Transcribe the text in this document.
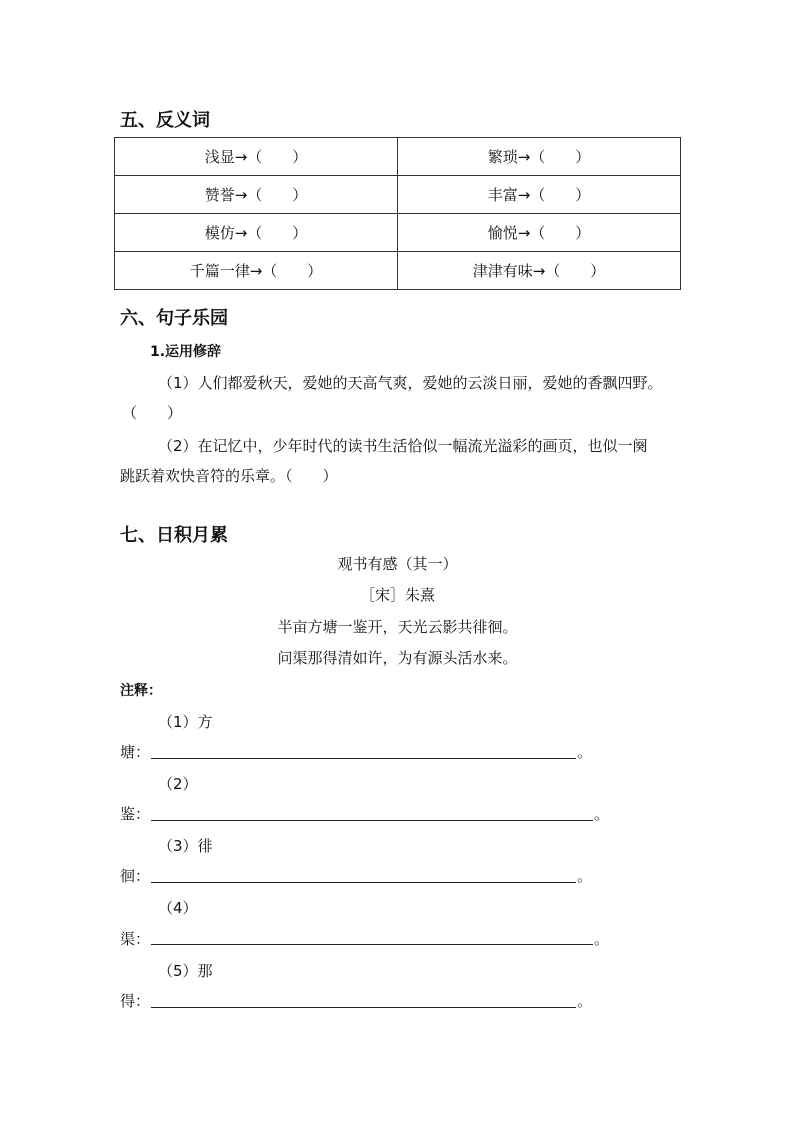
五、反义词
浅显→（　　）	繁琐→（　　）
赞誉→（　　）	丰富→（　　）
模仿→（　　）	愉悦→（　　）
千篇一律→（　　）	津津有味→（　　）
六、句子乐园
1.运用修辞
（1）人们都爱秋天，爱她的天高气爽，爱她的云淡日丽，爱她的香飘四野。
（　　）
（2）在记忆中，少年时代的读书生活恰似一幅流光溢彩的画页，也似一阕
跳跃着欢快音符的乐章。（　　）
七、日积月累
观书有感（其一）
［宋］朱熹
半亩方塘一鉴开，天光云影共徘徊。
问渠那得清如许，为有源头活水来。
注释：
（1）方
塘：	。
（2）
鉴：	。
（3）徘
徊：	。
（4）
渠：	。
（5）那
得：	。
